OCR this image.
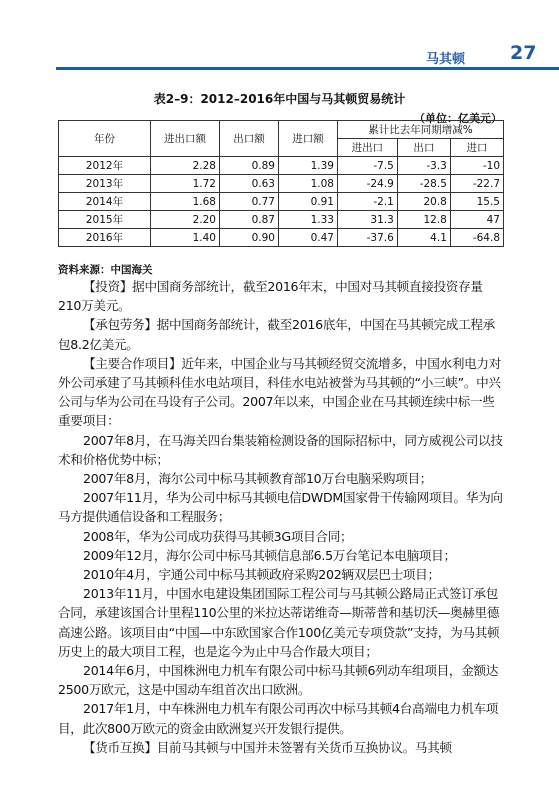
马其顿 27
表2–9：2012–2016年中国与马其顿贸易统计
（单位：亿美元）
年份	进出口额	出口额	进口额	累计比去年同期增减%		
				进出口	出口	进口
2012年	2.28	0.89	1.39	-7.5	-3.3	-10
2013年	1.72	0.63	1.08	-24.9	-28.5	-22.7
2014年	1.68	0.77	0.91	-2.1	20.8	15.5
2015年	2.20	0.87	1.33	31.3	12.8	47
2016年	1.40	0.90	0.47	-37.6	4.1	-64.8
资料来源：中国海关

【投资】据中国商务部统计，截至2016年末，中国对马其顿直接投资存量210万美元。

【承包劳务】据中国商务部统计，截至2016底年，中国在马其顿完成工程承包8.2亿美元。

【主要合作项目】近年来，中国企业与马其顿经贸交流增多，中国水利电力对外公司承建了马其顿科佳水电站项目，科佳水电站被誉为马其顿的“小三峡”。中兴公司与华为公司在马设有子公司。2007年以来，中国企业在马其顿连续中标一些重要项目：

2007年8月，在马海关四台集装箱检测设备的国际招标中，同方威视公司以技术和价格优势中标；

2007年8月，海尔公司中标马其顿教育部10万台电脑采购项目；

2007年11月，华为公司中标马其顿电信DWDM国家骨干传输网项目。华为向马方提供通信设备和工程服务；

2008年，华为公司成功获得马其顿3G项目合同；

2009年12月，海尔公司中标马其顿信息部6.5万台笔记本电脑项目；

2010年4月，宇通公司中标马其顿政府采购202辆双层巴士项目；

2013年11月，中国水电建设集团国际工程公司与马其顿公路局正式签订承包合同，承建该国合计里程110公里的米拉达蒂诺维奇—斯蒂普和基切沃—奥赫里德高速公路。该项目由“中国—中东欧国家合作100亿美元专项贷款”支持，为马其顿历史上的最大项目工程，也是迄今为止中马合作最大项目；

2014年6月，中国株洲电力机车有限公司中标马其顿6列动车组项目，金额达2500万欧元，这是中国动车组首次出口欧洲。

2017年1月，中车株洲电力机车有限公司再次中标马其顿4台高端电力机车项目，此次800万欧元的资金由欧洲复兴开发银行提供。

【货币互换】目前马其顿与中国并未签署有关货币互换协议。马其顿
